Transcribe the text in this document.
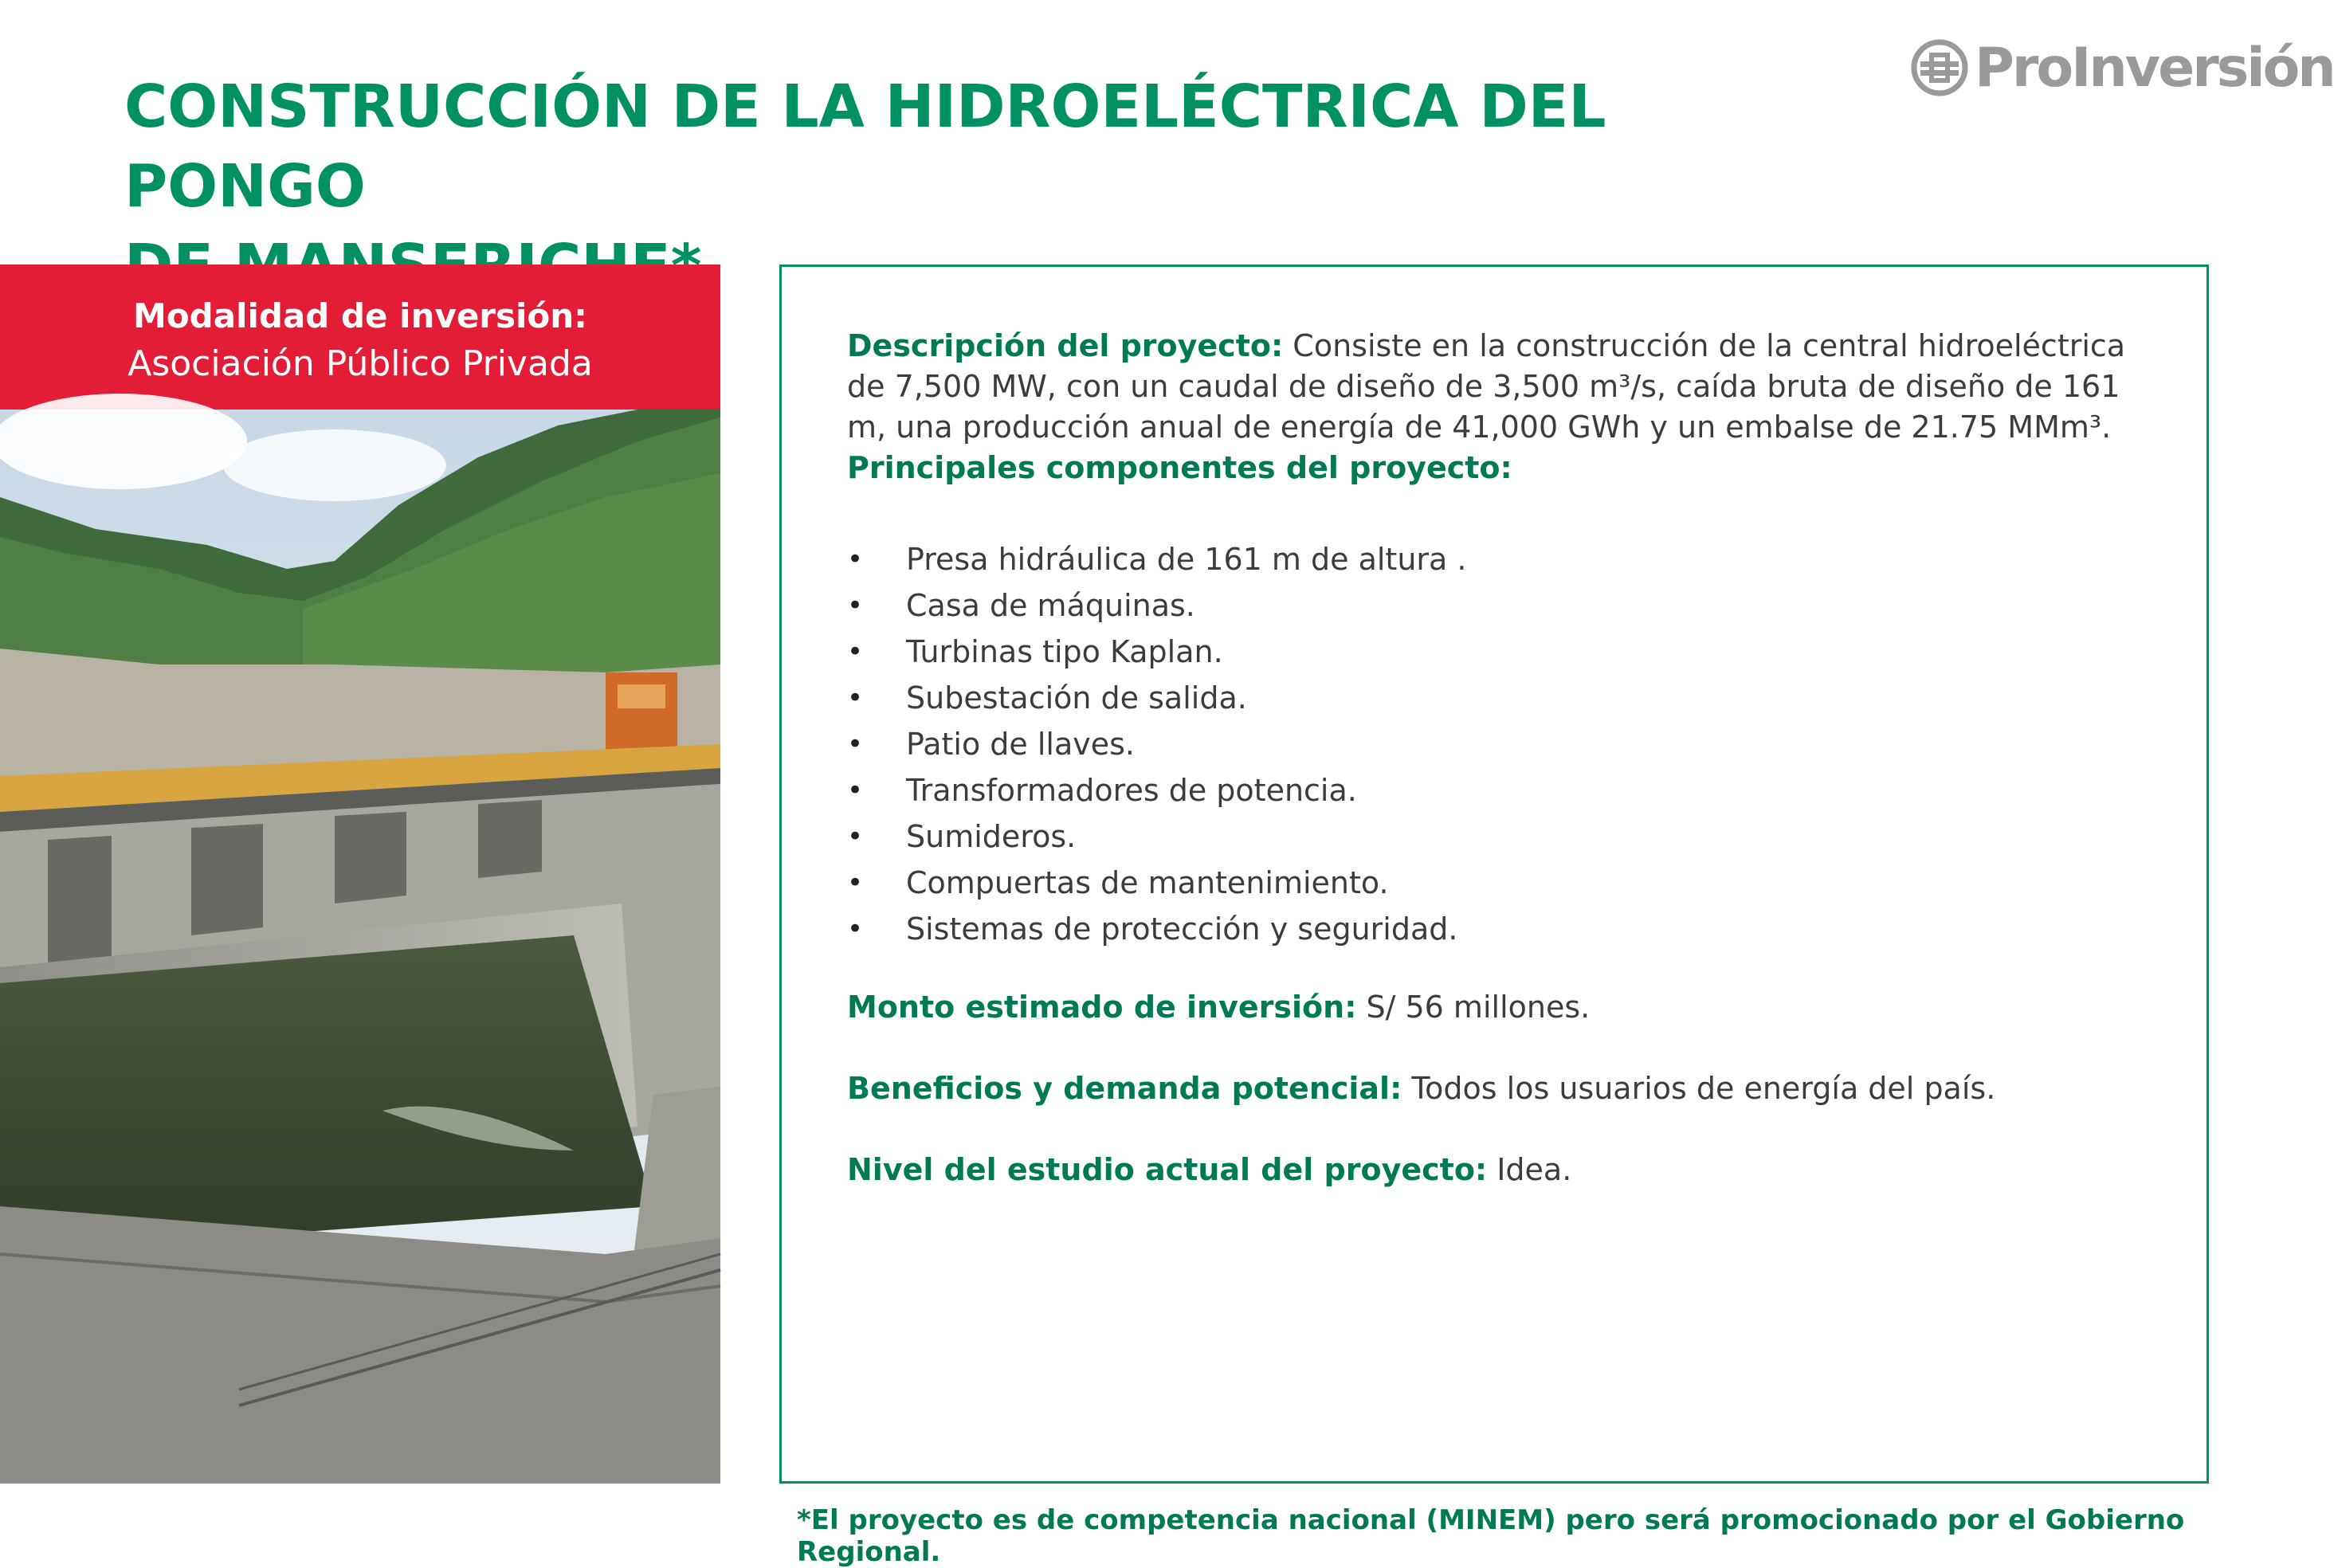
CONSTRUCCIÓN DE LA HIDROELÉCTRICA DEL PONGO
ProInversión
Modalidad de inversión:
Asociación Público Privada	Descripción del proyecto: Consiste en la construcción de la central hidroeléctrica de 7,500 MW, con un caudal de diseño de 3,500 m³/s, caída bruta de diseño de 161 m, una producción anual de energía de 41,000 GWh y un embalse de 21.75 MMm³.

Principales componentes del proyecto:

• Presa hidráulica de 161 m de altura .
• Casa de máquinas.
• Turbinas tipo Kaplan.
• Subestación de salida.
• Patio de llaves.
• Transformadores de potencia.
• Sumideros.
• Compuertas de mantenimiento.
• Sistemas de protección y seguridad.

Monto estimado de inversión: S/ 56 millones.

Beneficios y demanda potencial: Todos los usuarios de energía del país.

Nivel del estudio actual del proyecto: Idea.

*El proyecto es de competencia nacional (MINEM) pero será promocionado por el Gobierno Regional.
